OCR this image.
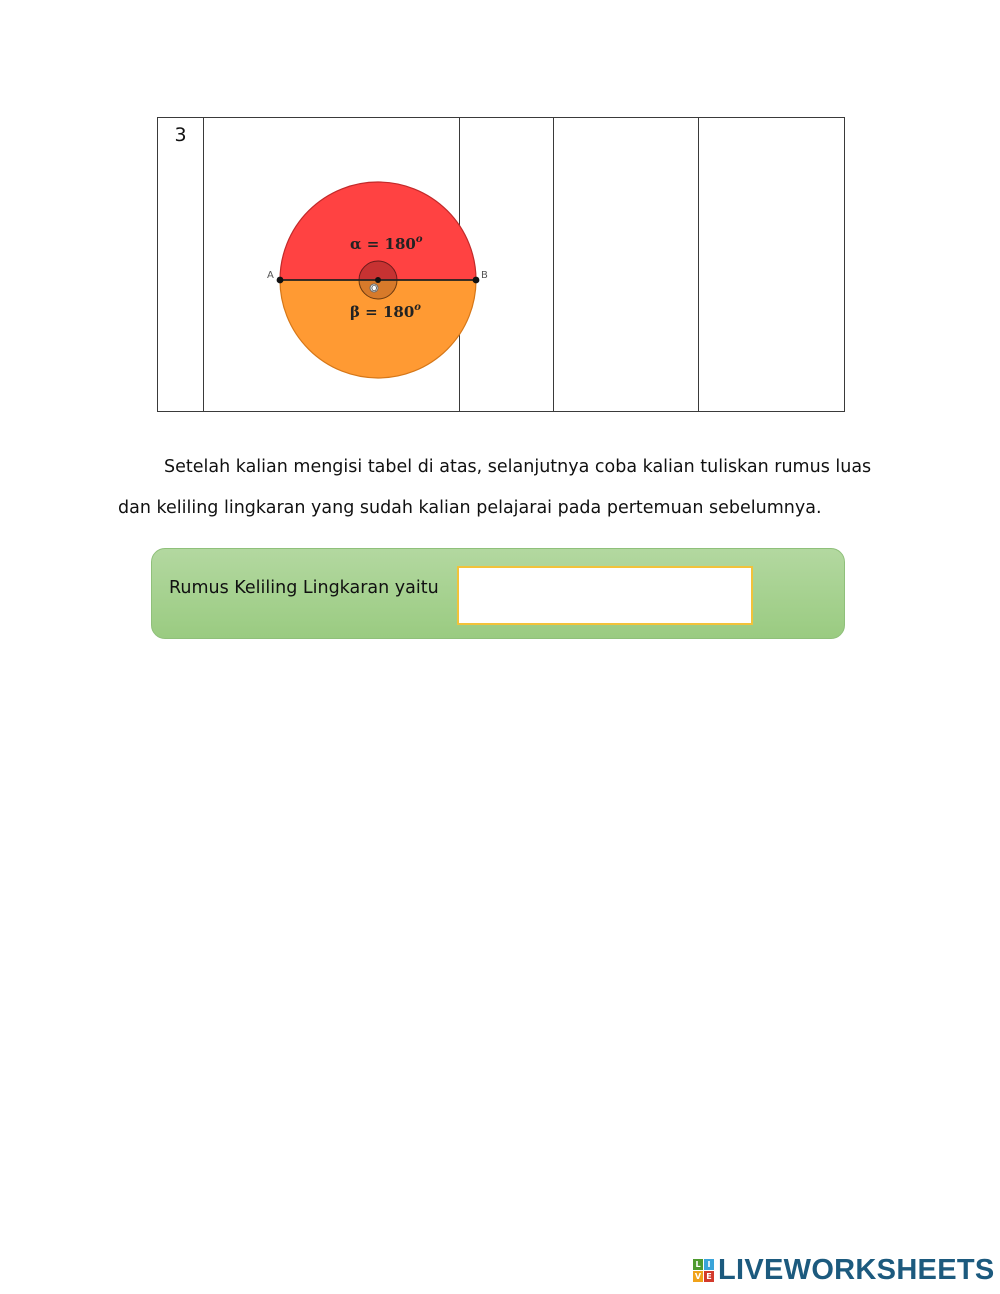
3

A	B
O
$\alpha = 180^o$
$\beta = 180^o$

Setelah kalian mengisi tabel di atas, selanjutnya coba kalian tuliskan rumus luas
dan keliling lingkaran yang sudah kalian pelajarai pada pertemuan sebelumnya.
Rumus Keliling Lingkaran yaitu
L I
V E LIVEWORKSHEETS
